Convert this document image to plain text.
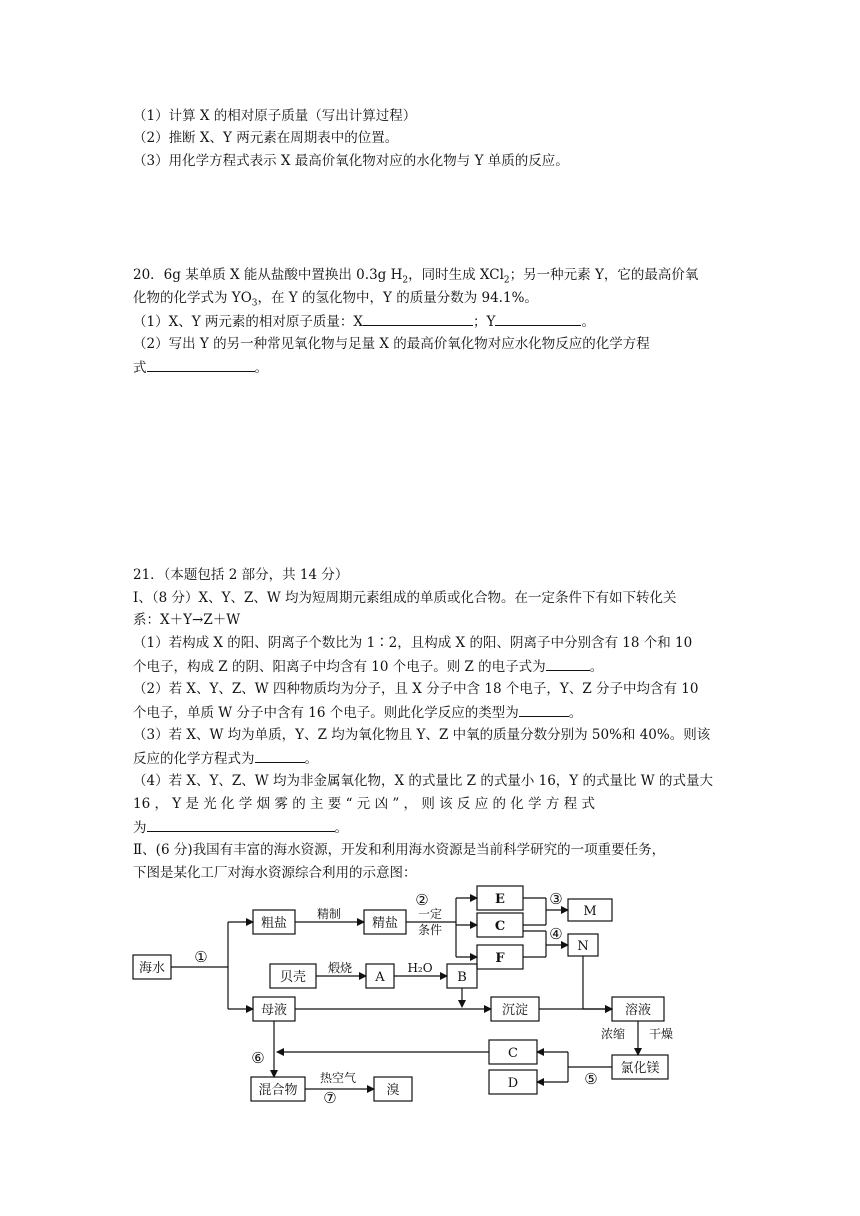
（1）计算 X 的相对原子质量（写出计算过程）
（2）推断 X、Y 两元素在周期表中的位置。
（3）用化学方程式表示 X 最高价氧化物对应的水化物与 Y 单质的反应。
20．6g 某单质 X 能从盐酸中置换出 0.3g $H_2$，同时生成 XCl$_2$；另一种元素 Y，它的最高价氧
化物的化学式为 $YO_3$，在 Y 的氢化物中，Y 的质量分数为 94.1%。
（1）X、Y 两元素的相对原子质量：X	；Y	。
（2）写出 Y 的另一种常见氧化物与足量 X 的最高价氧化物对应水化物反应的化学方程
式	。
21．（本题包括 2 部分，共 14 分）
Ⅰ、（8 分）X、Y、Z、W 均为短周期元素组成的单质或化合物。在一定条件下有如下转化关
系：X＋Y→Z＋W
（1）若构成 X 的阳、阴离子个数比为 1∶2，且构成 X 的阳、阴离子中分别含有 18 个和 10
个电子，构成 Z 的阴、阳离子中均含有 10 个电子。则 Z 的电子式为	。
（2）若 X、Y、Z、W 四种物质均为分子，且 X 分子中含 18 个电子，Y、Z 分子中均含有 10
个电子，单质 W 分子中含有 16 个电子。则此化学反应的类型为	。
（3）若 X、W 均为单质，Y、Z 均为氧化物且 Y、Z 中氧的质量分数分别为 50%和 40%。则该
反应的化学方程式为	。
（4）若 X、Y、Z、W 均为非金属氧化物，X 的式量比 Z 的式量小 16，Y 的式量比 W 的式量大
16 ， Y 是 光 化 学 烟 雾 的 主 要 “ 元 凶 ” ， 则 该 反 应 的 化 学 方 程 式
为	。
Ⅱ、(6 分)我国有丰富的海水资源，开发和利用海水资源是当前科学研究的一项重要任务，
下图是某化工厂对海水资源综合利用的示意图：
海水
粗盐
精制
精盐
一定
条件
E
C
F
M
N
贝壳
煅烧
A
H₂O
B
母液	沉淀	溶液
浓缩 干燥
C
D
氯化镁
混合物
热空气
溴
①
②	③
④
⑤
⑥
⑦
